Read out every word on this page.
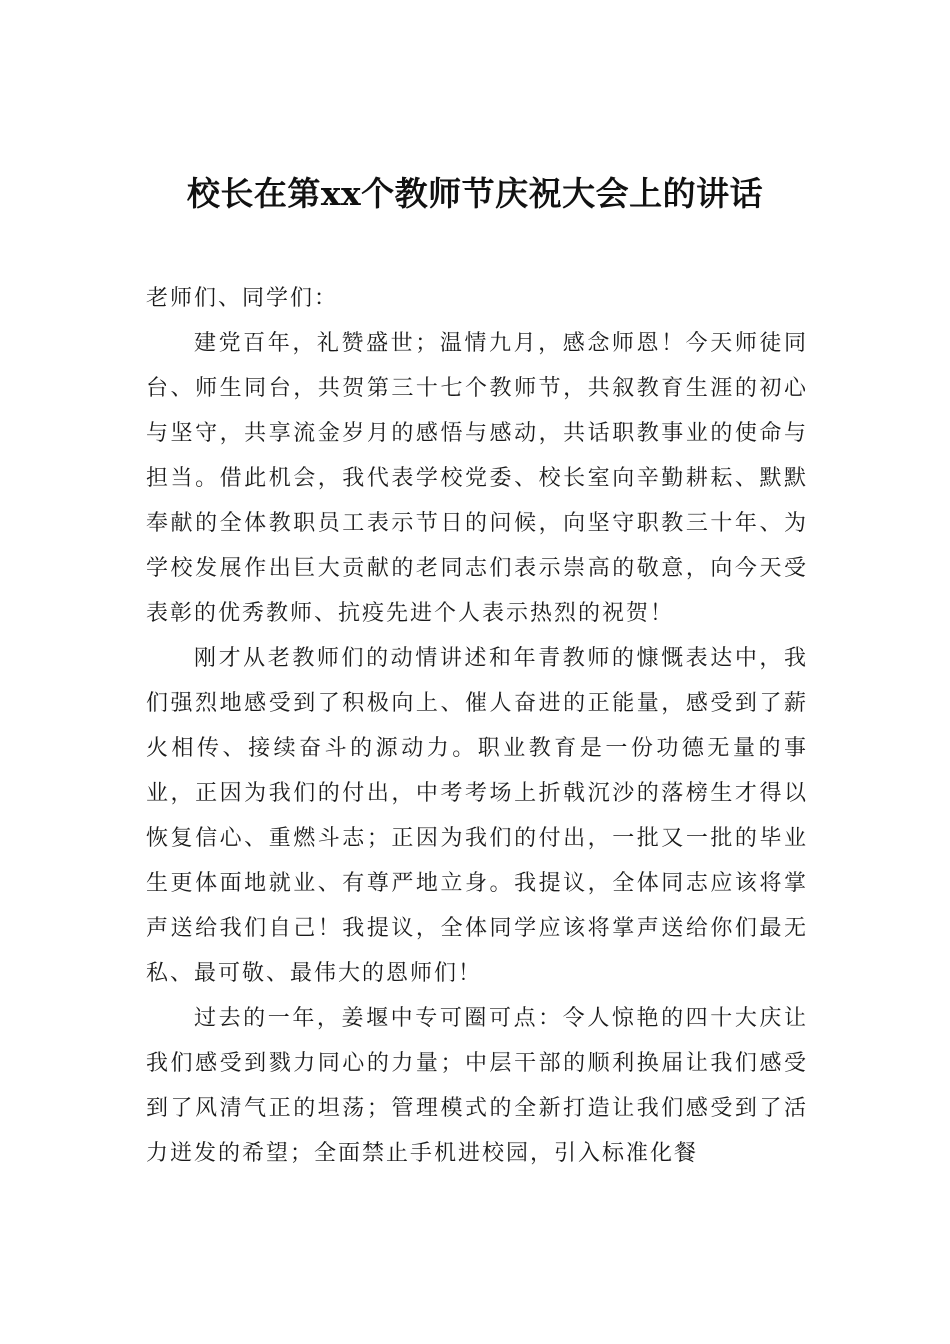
校长在第xx个教师节庆祝大会上的讲话

老师们、同学们：

建党百年，礼赞盛世；温情九月，感念师恩！今天师徒同台、师生同台，共贺第三十七个教师节，共叙教育生涯的初心与坚守，共享流金岁月的感悟与感动，共话职教事业的使命与担当。借此机会，我代表学校党委、校长室向辛勤耕耘、默默奉献的全体教职员工表示节日的问候，向坚守职教三十年、为学校发展作出巨大贡献的老同志们表示崇高的敬意，向今天受表彰的优秀教师、抗疫先进个人表示热烈的祝贺！

刚才从老教师们的动情讲述和年青教师的慷慨表达中，我们强烈地感受到了积极向上、催人奋进的正能量，感受到了薪火相传、接续奋斗的源动力。职业教育是一份功德无量的事业，正因为我们的付出，中考考场上折戟沉沙的落榜生才得以恢复信心、重燃斗志；正因为我们的付出，一批又一批的毕业生更体面地就业、有尊严地立身。我提议，全体同志应该将掌声送给我们自己！我提议，全体同学应该将掌声送给你们最无私、最可敬、最伟大的恩师们！

过去的一年，姜堰中专可圈可点：令人惊艳的四十大庆让我们感受到戮力同心的力量；中层干部的顺利换届让我们感受到了风清气正的坦荡；管理模式的全新打造让我们感受到了活力迸发的希望；全面禁止手机进校园，引入标准化餐
